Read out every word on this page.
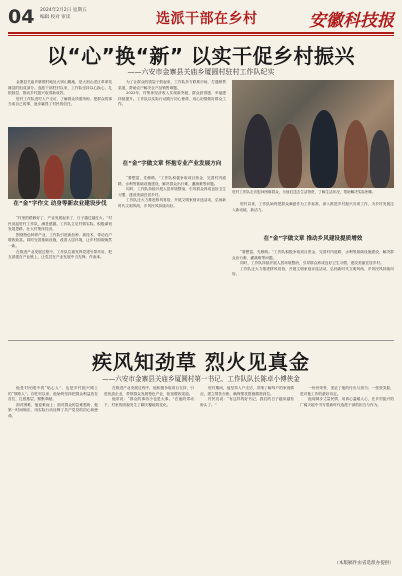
04 2024年2月2日 星期五
编辑 校对 审读	选派干部在乡村	安徽科技报
以“心”换“新” 以实干促乡村振兴
——六安市金寨县关庙乡厦圆村驻村工作队纪实

金寨县关庙乡厦圆村地处大别山腹地，是大别山老区革命英雄县的组成部分。选派干部驻村以来，工作队坚持以心换心，扎根基层，推动乡村振兴取得新成效。

驻村工作队进村入户走访，了解群众所需所盼，把群众的事当成自己的事，逐步赢得了村民的信任。

在“金”字作文 动身等新农业建设步伐

“村里的路修好了，产业发展起来了，日子越过越红火。”村民说起驻村工作队，满是感激。工作队立足村情实际，积极谋划发展思路，壮大村集体经济。

围绕特色种养产业，工作队引进新品种、新技术，带动农户增收致富。同时完善基础设施，改善人居环境，让乡村面貌焕然一新。

在推进产业发展过程中，工作队注重发挥党建引领作用，把支部建在产业链上，让党员在产业发展中当先锋、作表率。

为了让群众的钱袋子鼓起来，工作队多方联系市场，打通销售渠道，帮助农户解决农产品销售难题。

2023年，村集体经济收入实现新突破，群众获得感、幸福感持续提升。工作队以实际行动践行初心使命，用心用情做好群众工作。

在“金”字做文章 怀抱专业产业发展方向

“要想富，先修路。”工作队积极争取项目资金，完善村内道路、水利等基础设施建设，解决群众出行难、灌溉难等问题。

同时，工作队持续开展人居环境整治，引导群众养成良好卫生习惯，建设美丽宜居乡村。

工作队还大力推进移风易俗，开展文明家庭评选活动，弘扬新时代文明风尚，乡风民风持续向好。

驻村工作队走访慰问困难群众，为他们送去生活物资，了解生活状况，帮助解决实际困难。

驻村以来，工作队始终把群众满意作为工作标准，深入推进乡村振兴各项工作，为乡村发展注入新动能、新活力。

在“金”字做文章 推动乡风建设提质增效

“要想富，先修路。”工作队积极争取项目资金，完善村内道路、水利等基础设施建设，解决群众出行难、灌溉难等问题。

同时，工作队持续开展人居环境整治，引导群众养成良好卫生习惯，建设美丽宜居乡村。

工作队还大力推进移风易俗，开展文明家庭评选活动，弘扬新时代文明风尚，乡风民风持续向好。

疾风知劲草 烈火见真金
——六安市金寨县关庙乡厦圆村第一书记、工作队队长陈卓小傅侠金

他是村民眼中的“贴心人”，也是乡村振兴路上的“领路人”。自驻村以来，他始终坚持把群众利益放在首位，扎根基层，默默奉献。

面对困难，他迎难而上；面对群众的急难愁盼，他第一时间响应，用实际行动诠释了共产党员的初心和使命。

在推进产业发展过程中，他积极争取项目支持，引进优质企业，带领群众发展特色产业，拓宽增收渠道。

他常说：“群众的事再小也是大事。”在他的带动下，村里的面貌发生了翻天覆地的变化。

驻村期间，他坚持入户走访，详细了解每户的家庭情况，建立帮扶台账，确保帮扶措施精准到位。

村民们说：“有这样的好书记，我们的日子越来越有盼头了。”

一份份荣誉，见证了他的付出与担当；一张张笑脸，是对他工作的最好肯定。

他用脚步丈量民情，用真心温暖人心，在乡村振兴的广阔天地中书写着新时代选派干部的担当与作为。

（本版稿件由省选派办提供）
